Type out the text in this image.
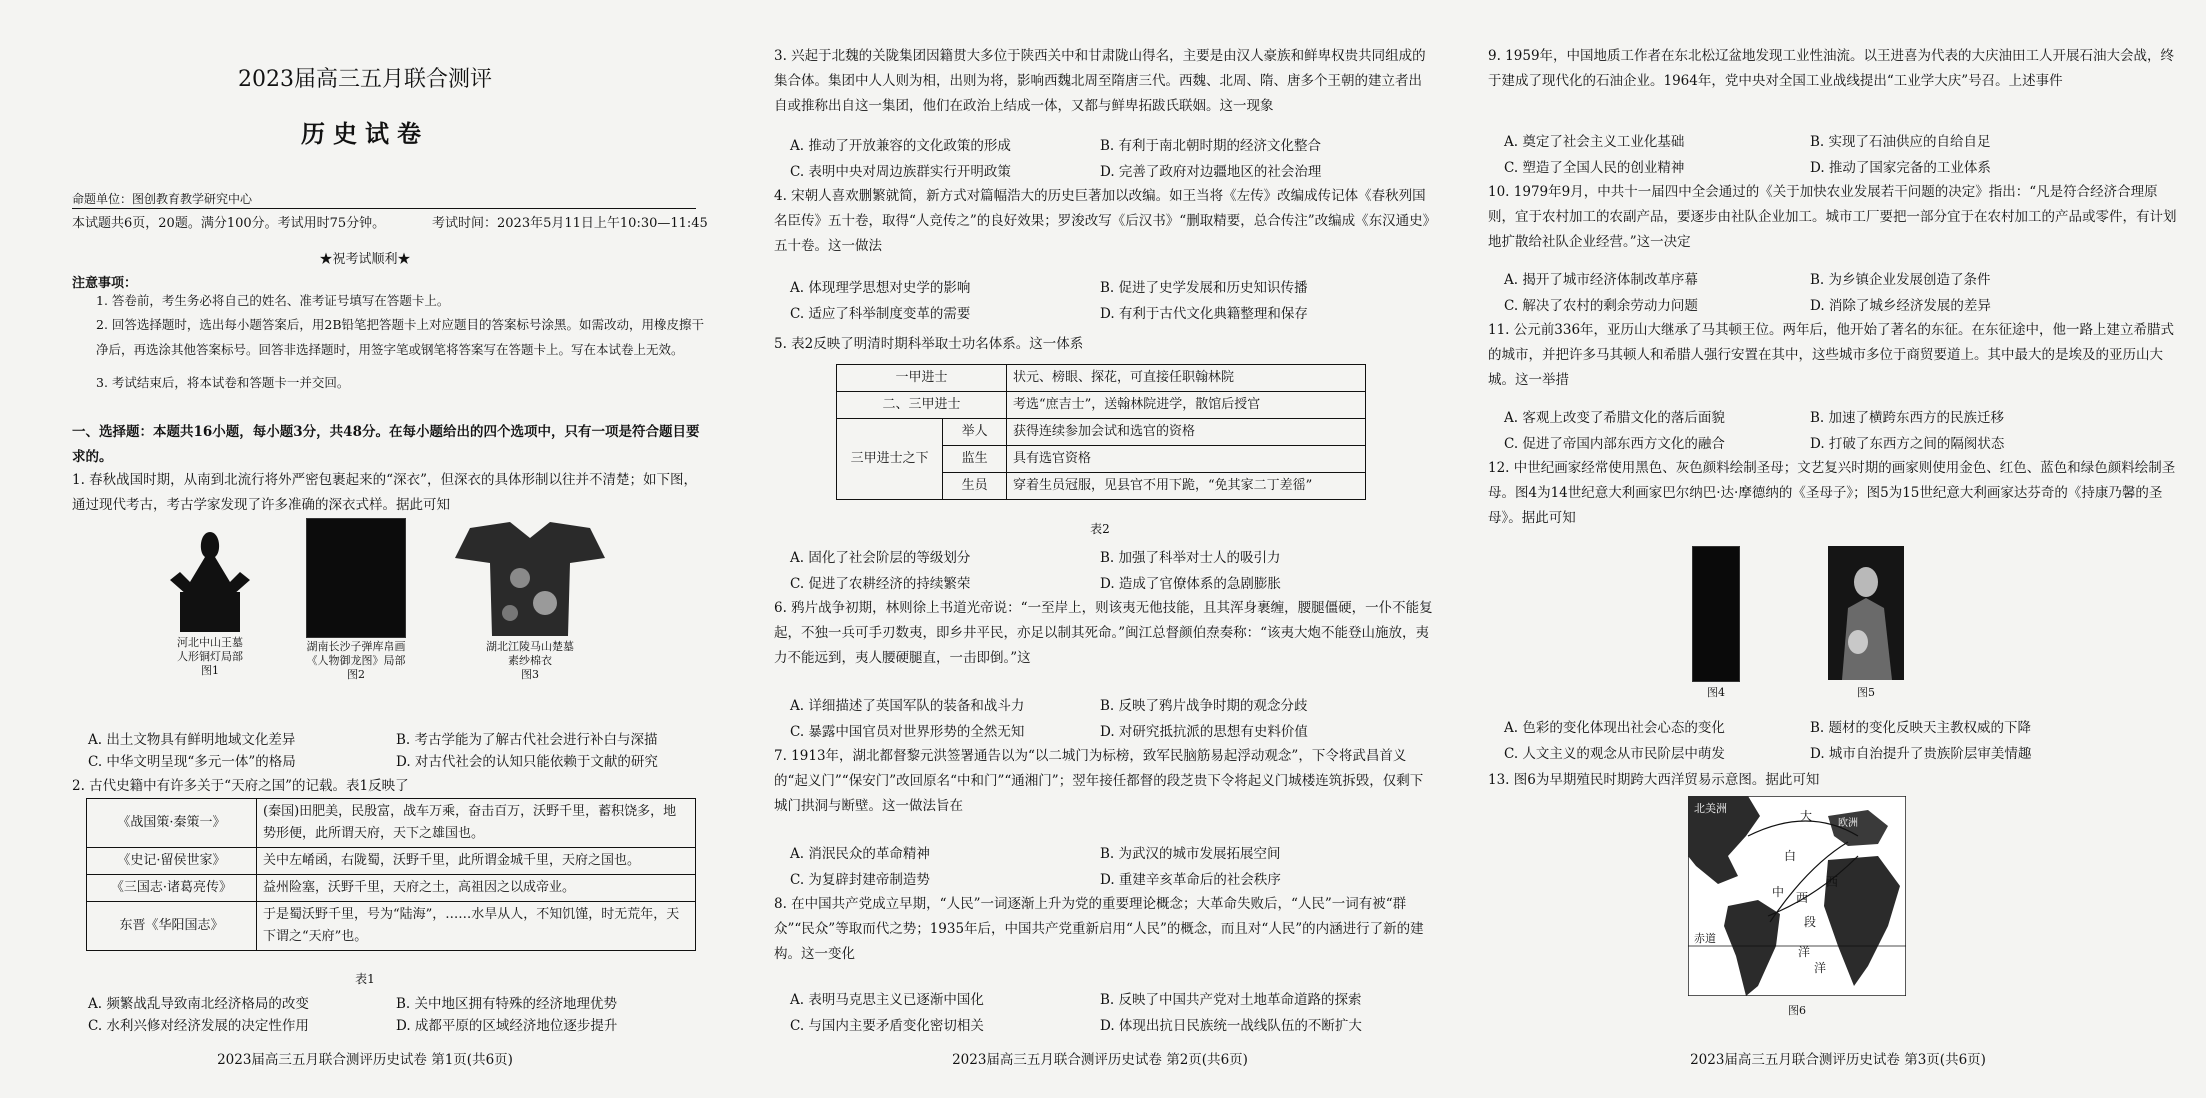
2023届高三五月联合测评
历史试卷
命题单位：图创教育教学研究中心
本试题共6页，20题。满分100分。考试用时75分钟。	考试时间：2023年5月11日上午10:30—11:45
★祝考试顺利★
注意事项：
1. 答卷前，考生务必将自己的姓名、准考证号填写在答题卡上。
2. 回答选择题时，选出每小题答案后，用2B铅笔把答题卡上对应题目的答案标号涂黑。如需改动，用橡皮擦干净后，再选涂其他答案标号。回答非选择题时，用签字笔或钢笔将答案写在答题卡上。写在本试卷上无效。
3. 考试结束后，将本试卷和答题卡一并交回。
一、选择题：本题共16小题，每小题3分，共48分。在每小题给出的四个选项中，只有一项是符合题目要求的。
1. 春秋战国时期，从南到北流行将外严密包裹起来的“深衣”，但深衣的具体形制以往并不清楚；如下图，通过现代考古，考古学家发现了许多准确的深衣式样。据此可知
河北中山王墓
人形铜灯局部
图1
湖南长沙子弹库帛画
《人物御龙图》局部
图2
湖北江陵马山楚墓
素纱棉衣
图3
A. 出土文物具有鲜明地域文化差异	B. 考古学能为了解古代社会进行补白与深描
C. 中华文明呈现“多元一体”的格局	D. 对古代社会的认知只能依赖于文献的研究
2. 古代史籍中有许多关于“天府之国”的记载。表1反映了
《战国策·秦策一》	(秦国)田肥美，民殷富，战车万乘，奋击百万，沃野千里，蓄积饶多，地势形便，此所谓天府，天下之雄国也。
《史记·留侯世家》	关中左崤函，右陇蜀，沃野千里，此所谓金城千里，天府之国也。
《三国志·诸葛亮传》	益州险塞，沃野千里，天府之土，高祖因之以成帝业。
东晋《华阳国志》	于是蜀沃野千里，号为“陆海”，……水旱从人，不知饥馑，时无荒年，天下谓之“天府”也。
表1
A. 频繁战乱导致南北经济格局的改变	B. 关中地区拥有特殊的经济地理优势
C. 水利兴修对经济发展的决定性作用	D. 成都平原的区域经济地位逐步提升
2023届高三五月联合测评历史试卷 第1页(共6页)
3. 兴起于北魏的关陇集团因籍贯大多位于陕西关中和甘肃陇山得名，主要是由汉人豪族和鲜卑权贵共同组成的集合体。集团中人人则为相，出则为将，影响西魏北周至隋唐三代。西魏、北周、隋、唐多个王朝的建立者出自或推称出自这一集团，他们在政治上结成一体，又都与鲜卑拓跋氏联姻。这一现象
A. 推动了开放兼容的文化政策的形成	B. 有利于南北朝时期的经济文化整合
C. 表明中央对周边族群实行开明政策	D. 完善了政府对边疆地区的社会治理
4. 宋朝人喜欢删繁就简，新方式对篇幅浩大的历史巨著加以改编。如王当将《左传》改编成传记体《春秋列国名臣传》五十卷，取得“人竞传之”的良好效果；罗浚改写《后汉书》“删取精要，总合传注”改编成《东汉通史》五十卷。这一做法
A. 体现理学思想对史学的影响	B. 促进了史学发展和历史知识传播
C. 适应了科举制度变革的需要	D. 有利于古代文化典籍整理和保存
5. 表2反映了明清时期科举取士功名体系。这一体系
一甲进士		状元、榜眼、探花，可直接任职翰林院
二、三甲进士		考选“庶吉士”，送翰林院进学，散馆后授官
三甲进士之下	举人	获得连续参加会试和选官的资格
	监生	具有选官资格
	生员	穿着生员冠服，见县官不用下跪，“免其家二丁差徭”
表2
A. 固化了社会阶层的等级划分	B. 加强了科举对士人的吸引力
C. 促进了农耕经济的持续繁荣	D. 造成了官僚体系的急剧膨胀
6. 鸦片战争初期，林则徐上书道光帝说：“一至岸上，则该夷无他技能，且其浑身裹缠，腰腿僵硬，一仆不能复起，不独一兵可手刃数夷，即乡井平民，亦足以制其死命。”闽江总督颜伯焘奏称：“该夷大炮不能登山施放，夷力不能远到，夷人腰硬腿直，一击即倒。”这
A. 详细描述了英国军队的装备和战斗力	B. 反映了鸦片战争时期的观念分歧
C. 暴露中国官员对世界形势的全然无知	D. 对研究抵抗派的思想有史料价值
7. 1913年，湖北都督黎元洪签署通告以为“以二城门为标榜，致军民脑筋易起浮动观念”，下令将武昌首义的“起义门”“保安门”改回原名“中和门”“通湘门”；翌年接任都督的段芝贵下令将起义门城楼连筑拆毁，仅剩下城门拱洞与断壁。这一做法旨在
A. 消泯民众的革命精神	B. 为武汉的城市发展拓展空间
C. 为复辟封建帝制造势	D. 重建辛亥革命后的社会秩序
8. 在中国共产党成立早期，“人民”一词逐渐上升为党的重要理论概念；大革命失败后，“人民”一词有被“群众”“民众”等取而代之势；1935年后，中国共产党重新启用“人民”的概念，而且对“人民”的内涵进行了新的建构。这一变化
A. 表明马克思主义已逐渐中国化	B. 反映了中国共产党对土地革命道路的探索
C. 与国内主要矛盾变化密切相关	D. 体现出抗日民族统一战线队伍的不断扩大
2023届高三五月联合测评历史试卷 第2页(共6页)
9. 1959年，中国地质工作者在东北松辽盆地发现工业性油流。以王进喜为代表的大庆油田工人开展石油大会战，终于建成了现代化的石油企业。1964年，党中央对全国工业战线提出“工业学大庆”号召。上述事件
A. 奠定了社会主义工业化基础	B. 实现了石油供应的自给自足
C. 塑造了全国人民的创业精神	D. 推动了国家完备的工业体系
10. 1979年9月，中共十一届四中全会通过的《关于加快农业发展若干问题的决定》指出：“凡是符合经济合理原则，宜于农村加工的农副产品，要逐步由社队企业加工。城市工厂要把一部分宜于在农村加工的产品或零件，有计划地扩散给社队企业经营。”这一决定
A. 揭开了城市经济体制改革序幕	B. 为乡镇企业发展创造了条件
C. 解决了农村的剩余劳动力问题	D. 消除了城乡经济发展的差异
11. 公元前336年，亚历山大继承了马其顿王位。两年后，他开始了著名的东征。在东征途中，他一路上建立希腊式的城市，并把许多马其顿人和希腊人强行安置在其中，这些城市多位于商贸要道上。其中最大的是埃及的亚历山大城。这一举措
A. 客观上改变了希腊文化的落后面貌	B. 加速了横跨东西方的民族迁移
C. 促进了帝国内部东西方文化的融合	D. 打破了东西方之间的隔阂状态
12. 中世纪画家经常使用黑色、灰色颜料绘制圣母；文艺复兴时期的画家则使用金色、红色、蓝色和绿色颜料绘制圣母。图4为14世纪意大利画家巴尔纳巴·达·摩德纳的《圣母子》；图5为15世纪意大利画家达芬奇的《持康乃馨的圣母》。据此可知
图4	图5
A. 色彩的变化体现出社会心态的变化	B. 题材的变化反映天主教权威的下降
C. 人文主义的观念从市民阶层中萌发	D. 城市自治提升了贵族阶层审美情趣
13. 图6为早期殖民时期跨大西洋贸易示意图。据此可知
北美洲
大
白
欧洲
中 西
段
西
赤道
洋
洋
图6
2023届高三五月联合测评历史试卷 第3页(共6页)
